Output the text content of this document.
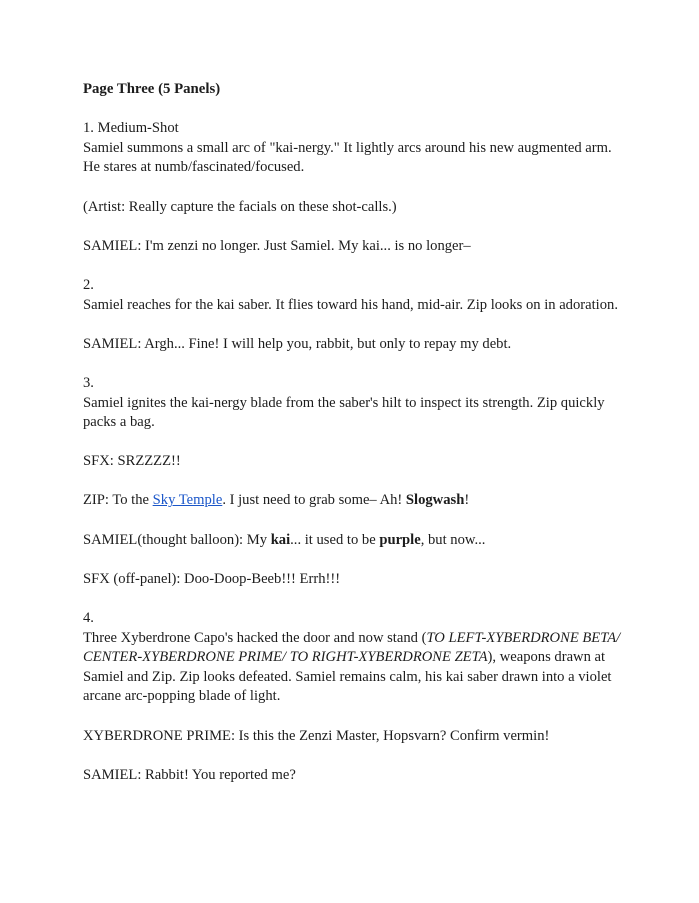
Page Three (5 Panels)

1. Medium-Shot
Samiel summons a small arc of "kai-nergy." It lightly arcs around his new augmented arm. He stares at numb/fascinated/focused.

(Artist: Really capture the facials on these shot-calls.)

SAMIEL: I'm zenzi no longer. Just Samiel. My kai... is no longer–

2.
Samiel reaches for the kai saber. It flies toward his hand, mid-air. Zip looks on in adoration.

SAMIEL: Argh... Fine! I will help you, rabbit, but only to repay my debt.

3.
Samiel ignites the kai-nergy blade from the saber's hilt to inspect its strength. Zip quickly packs a bag.

SFX: SRZZZZ!!

ZIP: To the Sky Temple. I just need to grab some– Ah! Slogwash!

SAMIEL(thought balloon): My kai... it used to be purple, but now...

SFX (off-panel): Doo-Doop-Beeb!!! Errh!!!

4.
Three Xyberdrone Capo's hacked the door and now stand (TO LEFT-XYBERDRONE BETA/ CENTER-XYBERDRONE PRIME/ TO RIGHT-XYBERDRONE ZETA), weapons drawn at Samiel and Zip. Zip looks defeated. Samiel remains calm, his kai saber drawn into a violet arcane arc-popping blade of light.

XYBERDRONE PRIME: Is this the Zenzi Master, Hopsvarn? Confirm vermin!

SAMIEL: Rabbit! You reported me?
